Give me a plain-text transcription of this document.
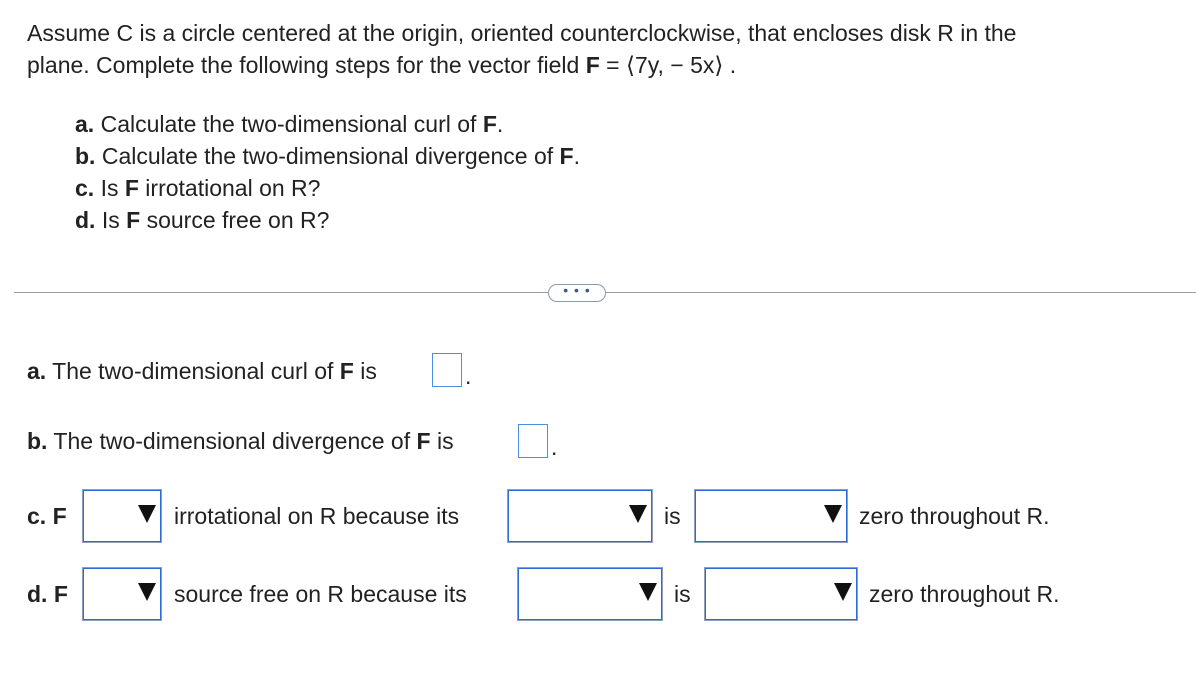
Assume C is a circle centered at the origin, oriented counterclockwise, that encloses disk R in the
plane. Complete the following steps for the vector field F = ⟨7y, − 5x⟩ .
a. Calculate the two-dimensional curl of F.
b. Calculate the two-dimensional divergence of F.
c. Is F irrotational on R?
d. Is F source free on R?
• • •
a. The two-dimensional curl of F is	.
b. The two-dimensional divergence of F is	.
c. F	irrotational on R because its	is	zero throughout R.
d. F	source free on R because its	is	zero throughout R.
